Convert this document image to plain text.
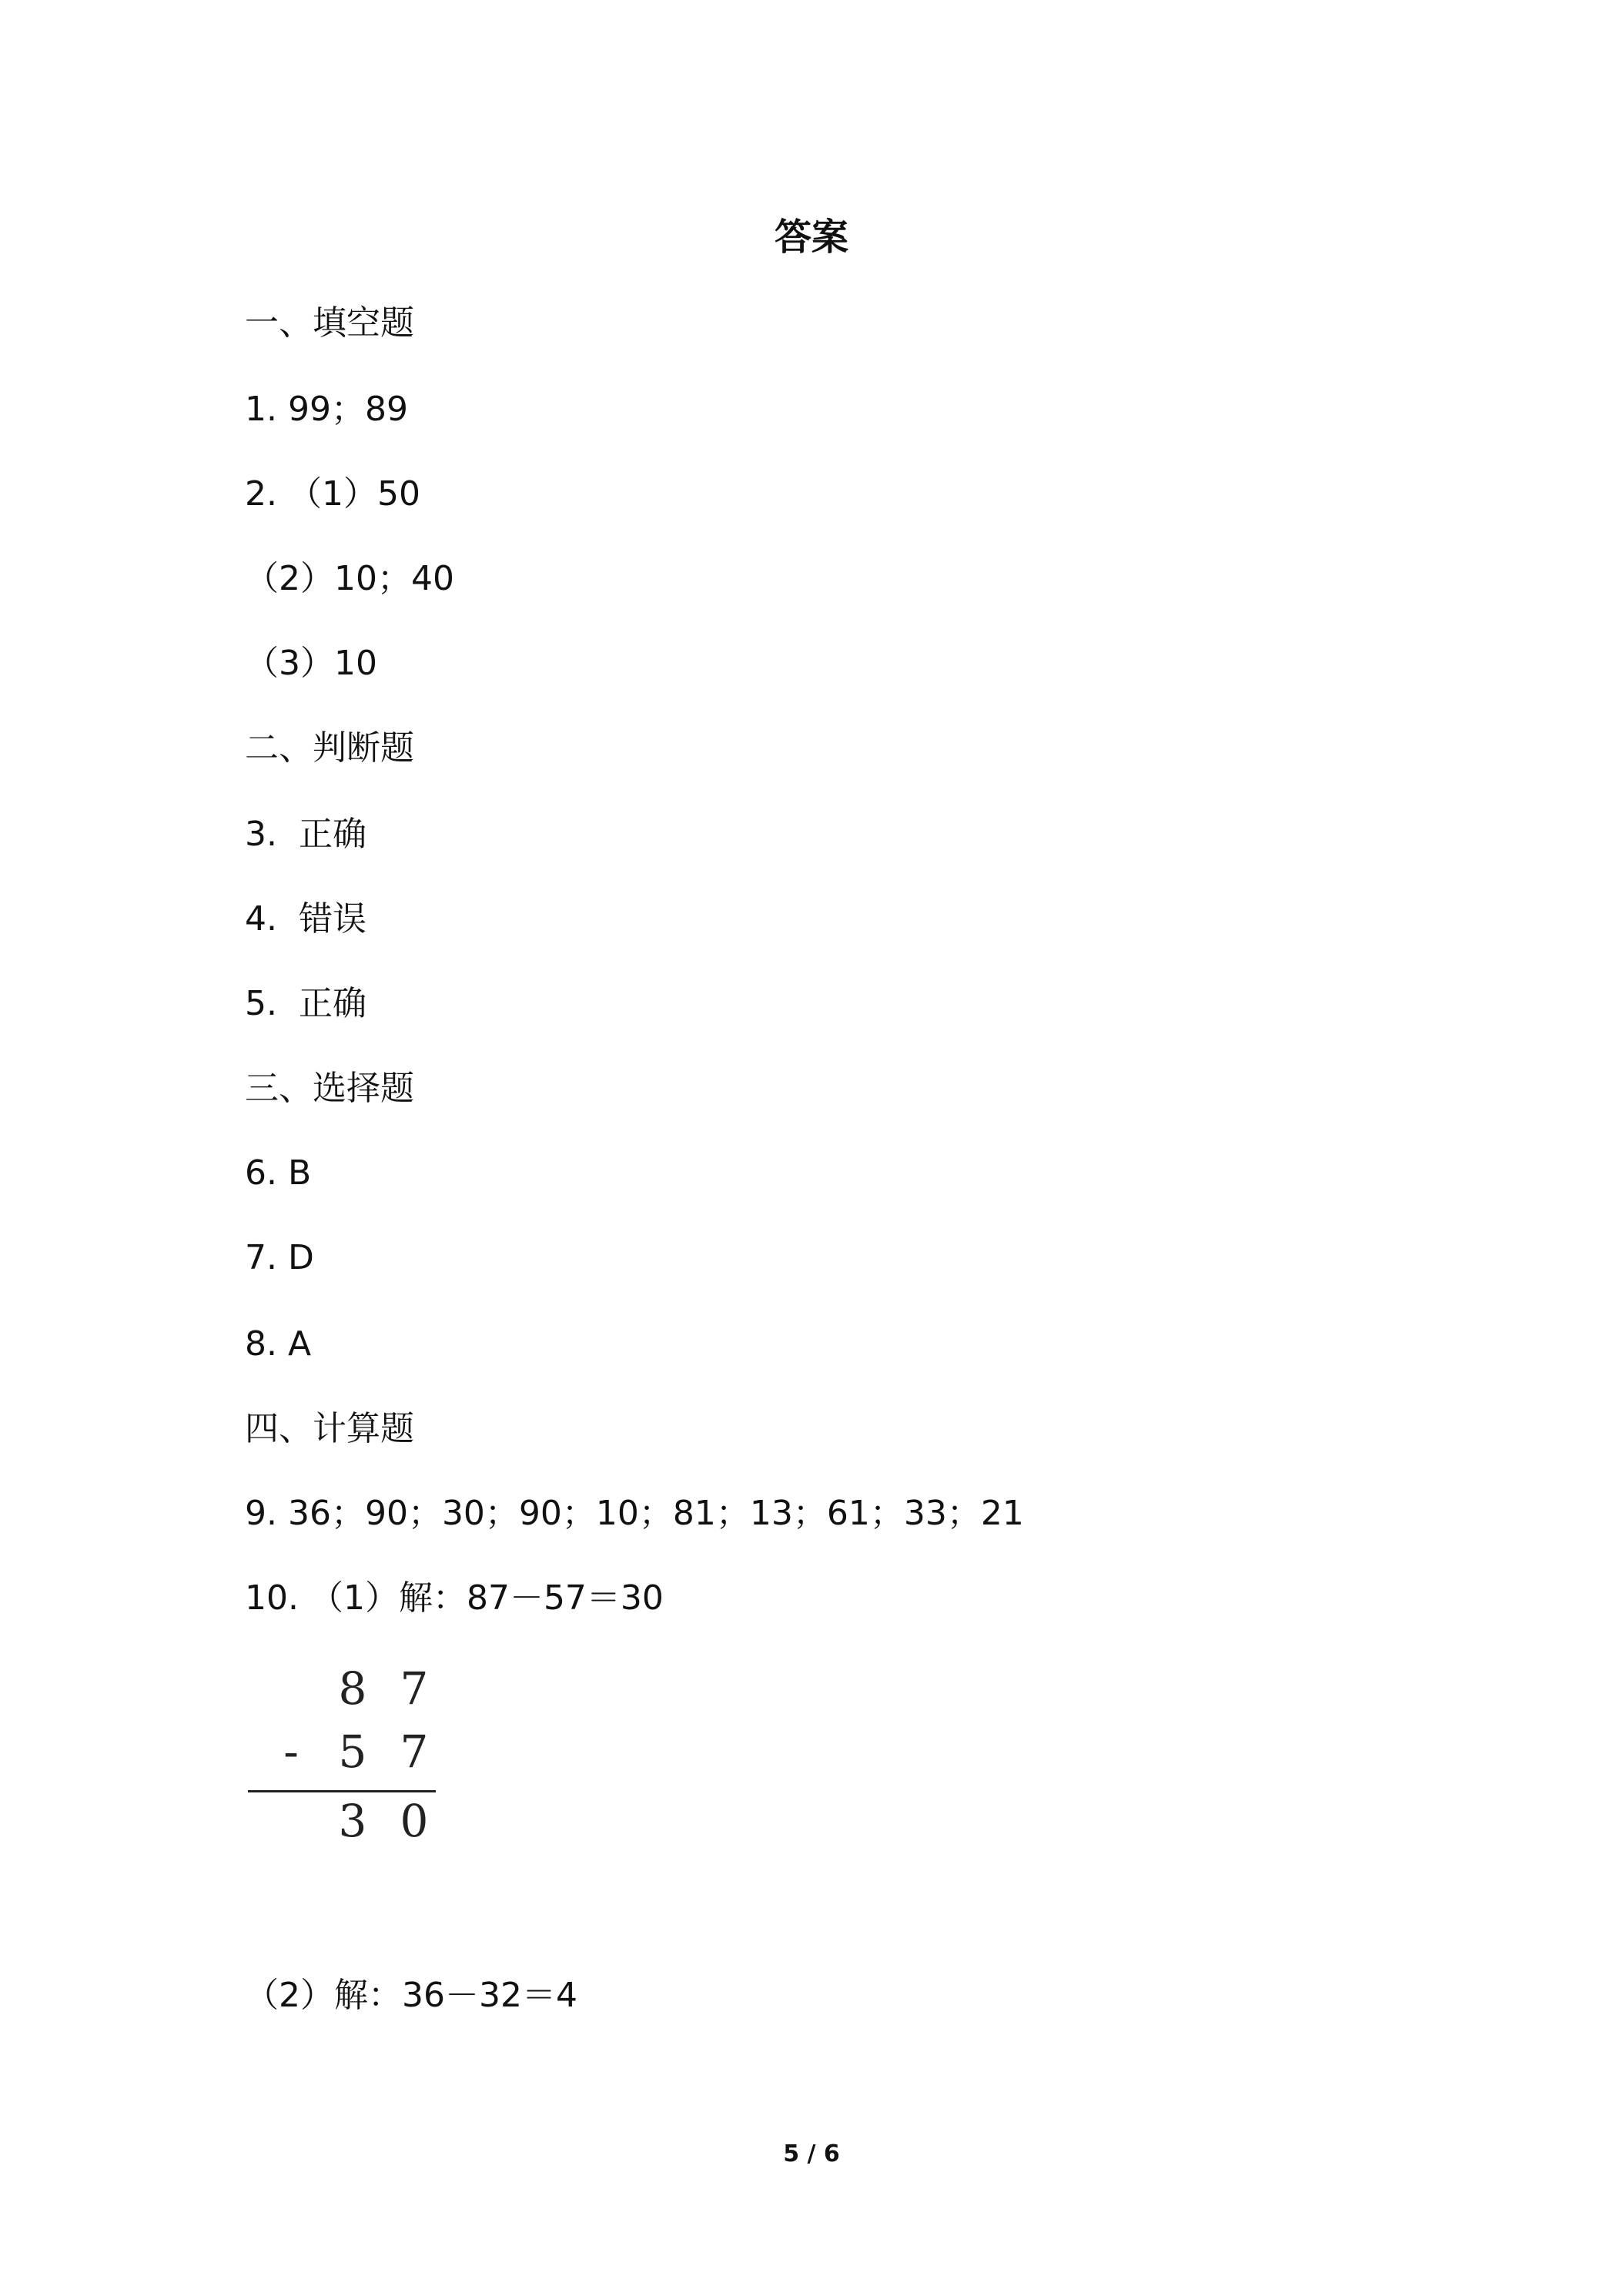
答案
一、填空题
1. 99；89
2. （1）50
（2）10；40
（3）10
二、判断题
3.  正确
4.  错误
5.  正确
三、选择题
6. B
7. D
8. A
四、计算题
9. 36；90；30；90；10；81；13；61；33；21
10. （1）解：87－57＝30
8 7
- 5 7
3 0
（2）解：36－32＝4
5 / 6
